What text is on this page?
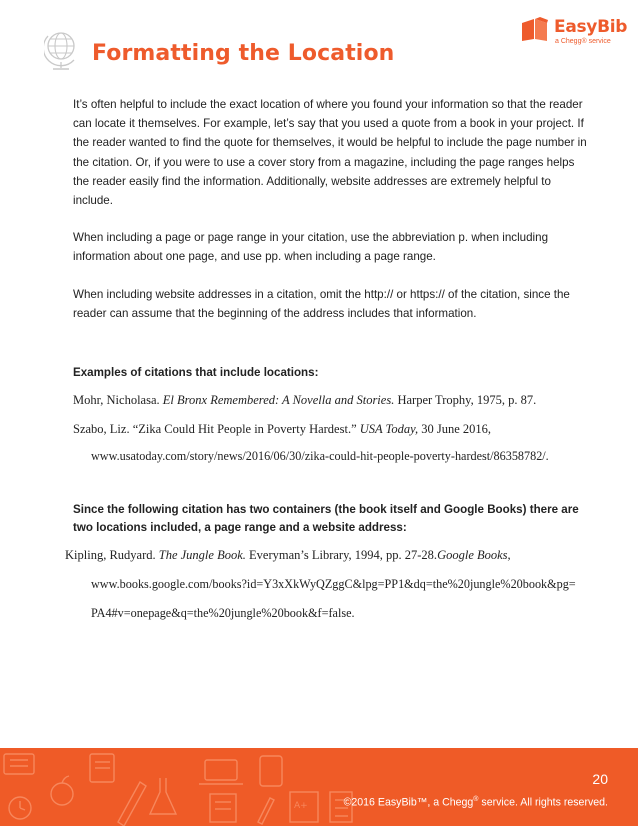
Formatting the Location
EasyBib
a Chegg® service

It’s often helpful to include the exact location of where you found your information so that the reader can locate it themselves. For example, let’s say that you used a quote from a book in your project. If the reader wanted to find the quote for themselves, it would be helpful to include the page number in the citation. Or, if you were to use a cover story from a magazine, including the page ranges helps the reader easily find the information. Additionally, website addresses are extremely helpful to include.

When including a page or page range in your citation, use the abbreviation p. when including information about one page, and use pp. when including a page range.

When including website addresses in a citation, omit the http:// or https:// of the citation, since the reader can assume that the beginning of the address includes that information.

Examples of citations that include locations:

Mohr, Nicholasa. El Bronx Remembered: A Novella and Stories. Harper Trophy, 1975, p. 87.

Szabo, Liz. “Zika Could Hit People in Poverty Hardest.” USA Today, 30 June 2016,

www.usatoday.com/story/news/2016/06/30/zika-could-hit-people-poverty-hardest/86358782/.

Since the following citation has two containers (the book itself and Google Books) there are two locations included, a page range and a website address:

Kipling, Rudyard. The Jungle Book. Everyman’s Library, 1994, pp. 27-28.Google Books,

www.books.google.com/books?id=Y3xXkWyQZggC&lpg=PP1&dq=the%20jungle%20book&pg=

PA4#v=onepage&q=the%20jungle%20book&f=false.

A+
20
©2016 EasyBib™, a Chegg® service. All rights reserved.
